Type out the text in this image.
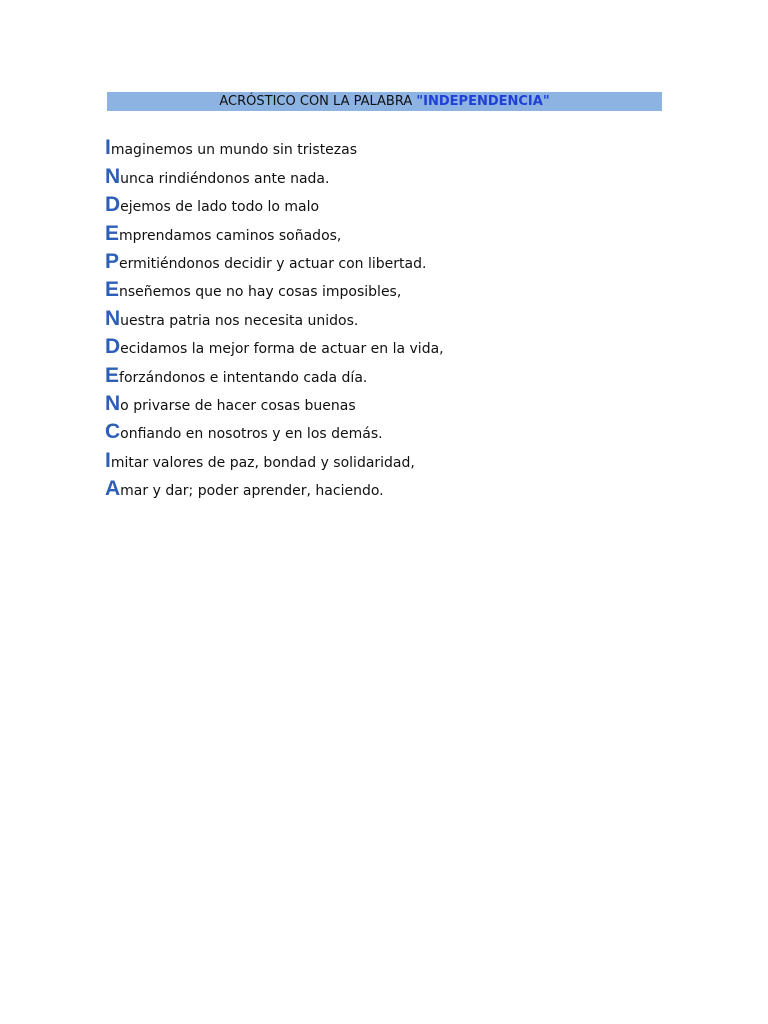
ACRÓSTICO CON LA PALABRA "INDEPENDENCIA"
I maginemos un mundo sin tristezas
N unca rindiéndonos ante nada.
D ejemos de lado todo lo malo
E mprendamos caminos soñados,
P ermitiéndonos decidir y actuar con libertad.
E nseñemos que no hay cosas imposibles,
N uestra patria nos necesita unidos.
D ecidamos la mejor forma de actuar en la vida,
E forzándonos e intentando cada día.
N o privarse de hacer cosas buenas
C onfiando en nosotros y en los demás.
I mitar valores de paz, bondad y solidaridad,
A mar y dar; poder aprender, haciendo.
